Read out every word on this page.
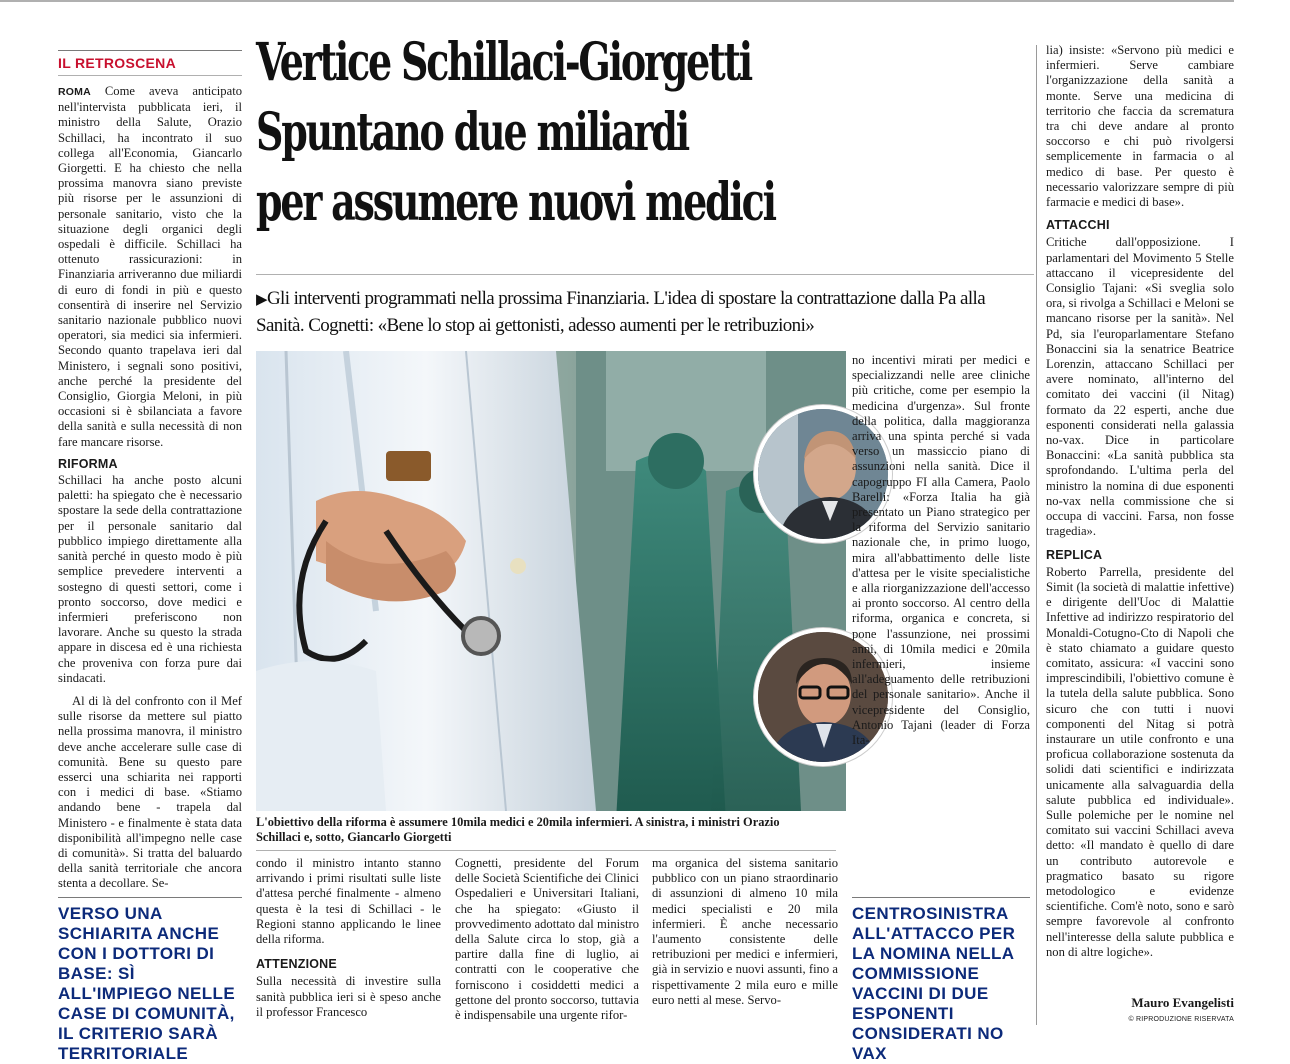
IL RETROSCENA

ROMA Come aveva anticipato nell'intervista pubblicata ieri, il ministro della Salute, Orazio Schillaci, ha incontrato il suo collega all'Economia, Giancarlo Giorgetti. E ha chiesto che nella prossima manovra siano previste più risorse per le assunzioni di personale sanitario, visto che la situazione degli organici degli ospedali è difficile. Schillaci ha ottenuto rassicurazioni: in Finanziaria arriveranno due miliardi di euro di fondi in più e questo consentirà di inserire nel Servizio sanitario nazionale pubblico nuovi operatori, sia medici sia infermieri. Secondo quanto trapelava ieri dal Ministero, i segnali sono positivi, anche perché la presidente del Consiglio, Giorgia Meloni, in più occasioni si è sbilanciata a favore della sanità e sulla necessità di non fare mancare risorse.

RIFORMA

Schillaci ha anche posto alcuni paletti: ha spiegato che è necessario spostare la sede della contrattazione per il personale sanitario dal pubblico impiego direttamente alla sanità perché in questo modo è più semplice prevedere interventi a sostegno di questi settori, come i pronto soccorso, dove medici e infermieri preferiscono non lavorare. Anche su questo la strada appare in discesa ed è una richiesta che proveniva con forza pure dai sindacati.

Al di là del confronto con il Mef sulle risorse da mettere sul piatto nella prossima manovra, il ministro deve anche accelerare sulle case di comunità. Bene su questo pare esserci una schiarita nei rapporti con i medici di base. «Stiamo andando bene - trapela dal Ministero - e finalmente è stata data disponibilità all'impegno nelle case di comunità». Si tratta del baluardo della sanità territoriale che ancora stenta a decollare. Se-

VERSO UNA SCHIARITA ANCHE CON I DOTTORI DI BASE: SÌ ALL'IMPIEGO NELLE CASE DI COMUNITÀ, IL CRITERIO SARÀ TERRITORIALE
Vertice Schillaci-Giorgetti
Spuntano due miliardi
per assumere nuovi medici
▶Gli interventi programmati nella prossima Finanziaria. L'idea di spostare la contrattazione dalla Pa alla Sanità. Cognetti: «Bene lo stop ai gettonisti, adesso aumenti per le retribuzioni»
L'obiettivo della riforma è assumere 10mila medici e 20mila infermieri. A sinistra, i ministri Orazio Schillaci e, sotto, Giancarlo Giorgetti
no incentivi mirati per medici e specializzandi nelle aree cliniche più critiche, come per esempio la medicina d'urgenza». Sul fronte della politica, dalla maggioranza arriva una spinta perché si vada verso un massiccio piano di assunzioni nella sanità. Dice il capogruppo FI alla Camera, Paolo Barelli: «Forza Italia ha già presentato un Piano strategico per la riforma del Servizio sanitario nazionale che, in primo luogo, mira all'abbattimento delle liste d'attesa per le visite specialistiche e alla riorganizzazione dell'accesso ai pronto soccorso. Al centro della riforma, organica e concreta, si pone l'assunzione, nei prossimi anni, di 10mila medici e 20mila infermieri, insieme all'adeguamento delle retribuzioni del personale sanitario». Anche il vicepresidente del Consiglio, Antonio Tajani (leader di Forza Ita-

condo il ministro intanto stanno arrivando i primi risultati sulle liste d'attesa perché finalmente - almeno questa è la tesi di Schillaci - le Regioni stanno applicando le linee della riforma.

ATTENZIONE

Sulla necessità di investire sulla sanità pubblica ieri si è speso anche il professor Francesco

Cognetti, presidente del Forum delle Società Scientifiche dei Clinici Ospedalieri e Universitari Italiani, che ha spiegato: «Giusto il provvedimento adottato dal ministro della Salute circa lo stop, già a partire dalla fine di luglio, ai contratti con le cooperative che forniscono i cosiddetti medici a gettone del pronto soccorso, tuttavia è indispensabile una urgente rifor-
ma organica del sistema sanitario pubblico con un piano straordinario di assunzioni di almeno 10 mila medici specialisti e 20 mila infermieri. È anche necessario l'aumento consistente delle retribuzioni per medici e infermieri, già in servizio e nuovi assunti, fino a rispettivamente 2 mila euro e mille euro netti al mese. Servo-
CENTROSINISTRA ALL'ATTACCO PER LA NOMINA NELLA COMMISSIONE VACCINI DI DUE ESPONENTI CONSIDERATI NO VAX

lia) insiste: «Servono più medici e infermieri. Serve cambiare l'organizzazione della sanità a monte. Serve una medicina di territorio che faccia da scrematura tra chi deve andare al pronto soccorso e chi può rivolgersi semplicemente in farmacia o al medico di base. Per questo è necessario valorizzare sempre di più farmacie e medici di base».

ATTACCHI

Critiche dall'opposizione. I parlamentari del Movimento 5 Stelle attaccano il vicepresidente del Consiglio Tajani: «Si sveglia solo ora, si rivolga a Schillaci e Meloni se mancano risorse per la sanità». Nel Pd, sia l'europarlamentare Stefano Bonaccini sia la senatrice Beatrice Lorenzin, attaccano Schillaci per avere nominato, all'interno del comitato dei vaccini (il Nitag) formato da 22 esperti, anche due esponenti considerati nella galassia no-vax. Dice in particolare Bonaccini: «La sanità pubblica sta sprofondando. L'ultima perla del ministro la nomina di due esponenti no-vax nella commissione che si occupa di vaccini. Farsa, non fosse tragedia».

REPLICA

Roberto Parrella, presidente del Simit (la società di malattie infettive) e dirigente dell'Uoc di Malattie Infettive ad indirizzo respiratorio del Monaldi-Cotugno-Cto di Napoli che è stato chiamato a guidare questo comitato, assicura: «I vaccini sono imprescindibili, l'obiettivo comune è la tutela della salute pubblica. Sono sicuro che con tutti i nuovi componenti del Nitag si potrà instaurare un utile confronto e una proficua collaborazione sostenuta da solidi dati scientifici e indirizzata unicamente alla salvaguardia della salute pubblica ed individuale». Sulle polemiche per le nomine nel comitato sui vaccini Schillaci aveva detto: «Il mandato è quello di dare un contributo autorevole e pragmatico basato su rigore metodologico e evidenze scientifiche. Com'è noto, sono e sarò sempre favorevole al confronto nell'interesse della salute pubblica e non di altre logiche».

Mauro Evangelisti
© RIPRODUZIONE RISERVATA
